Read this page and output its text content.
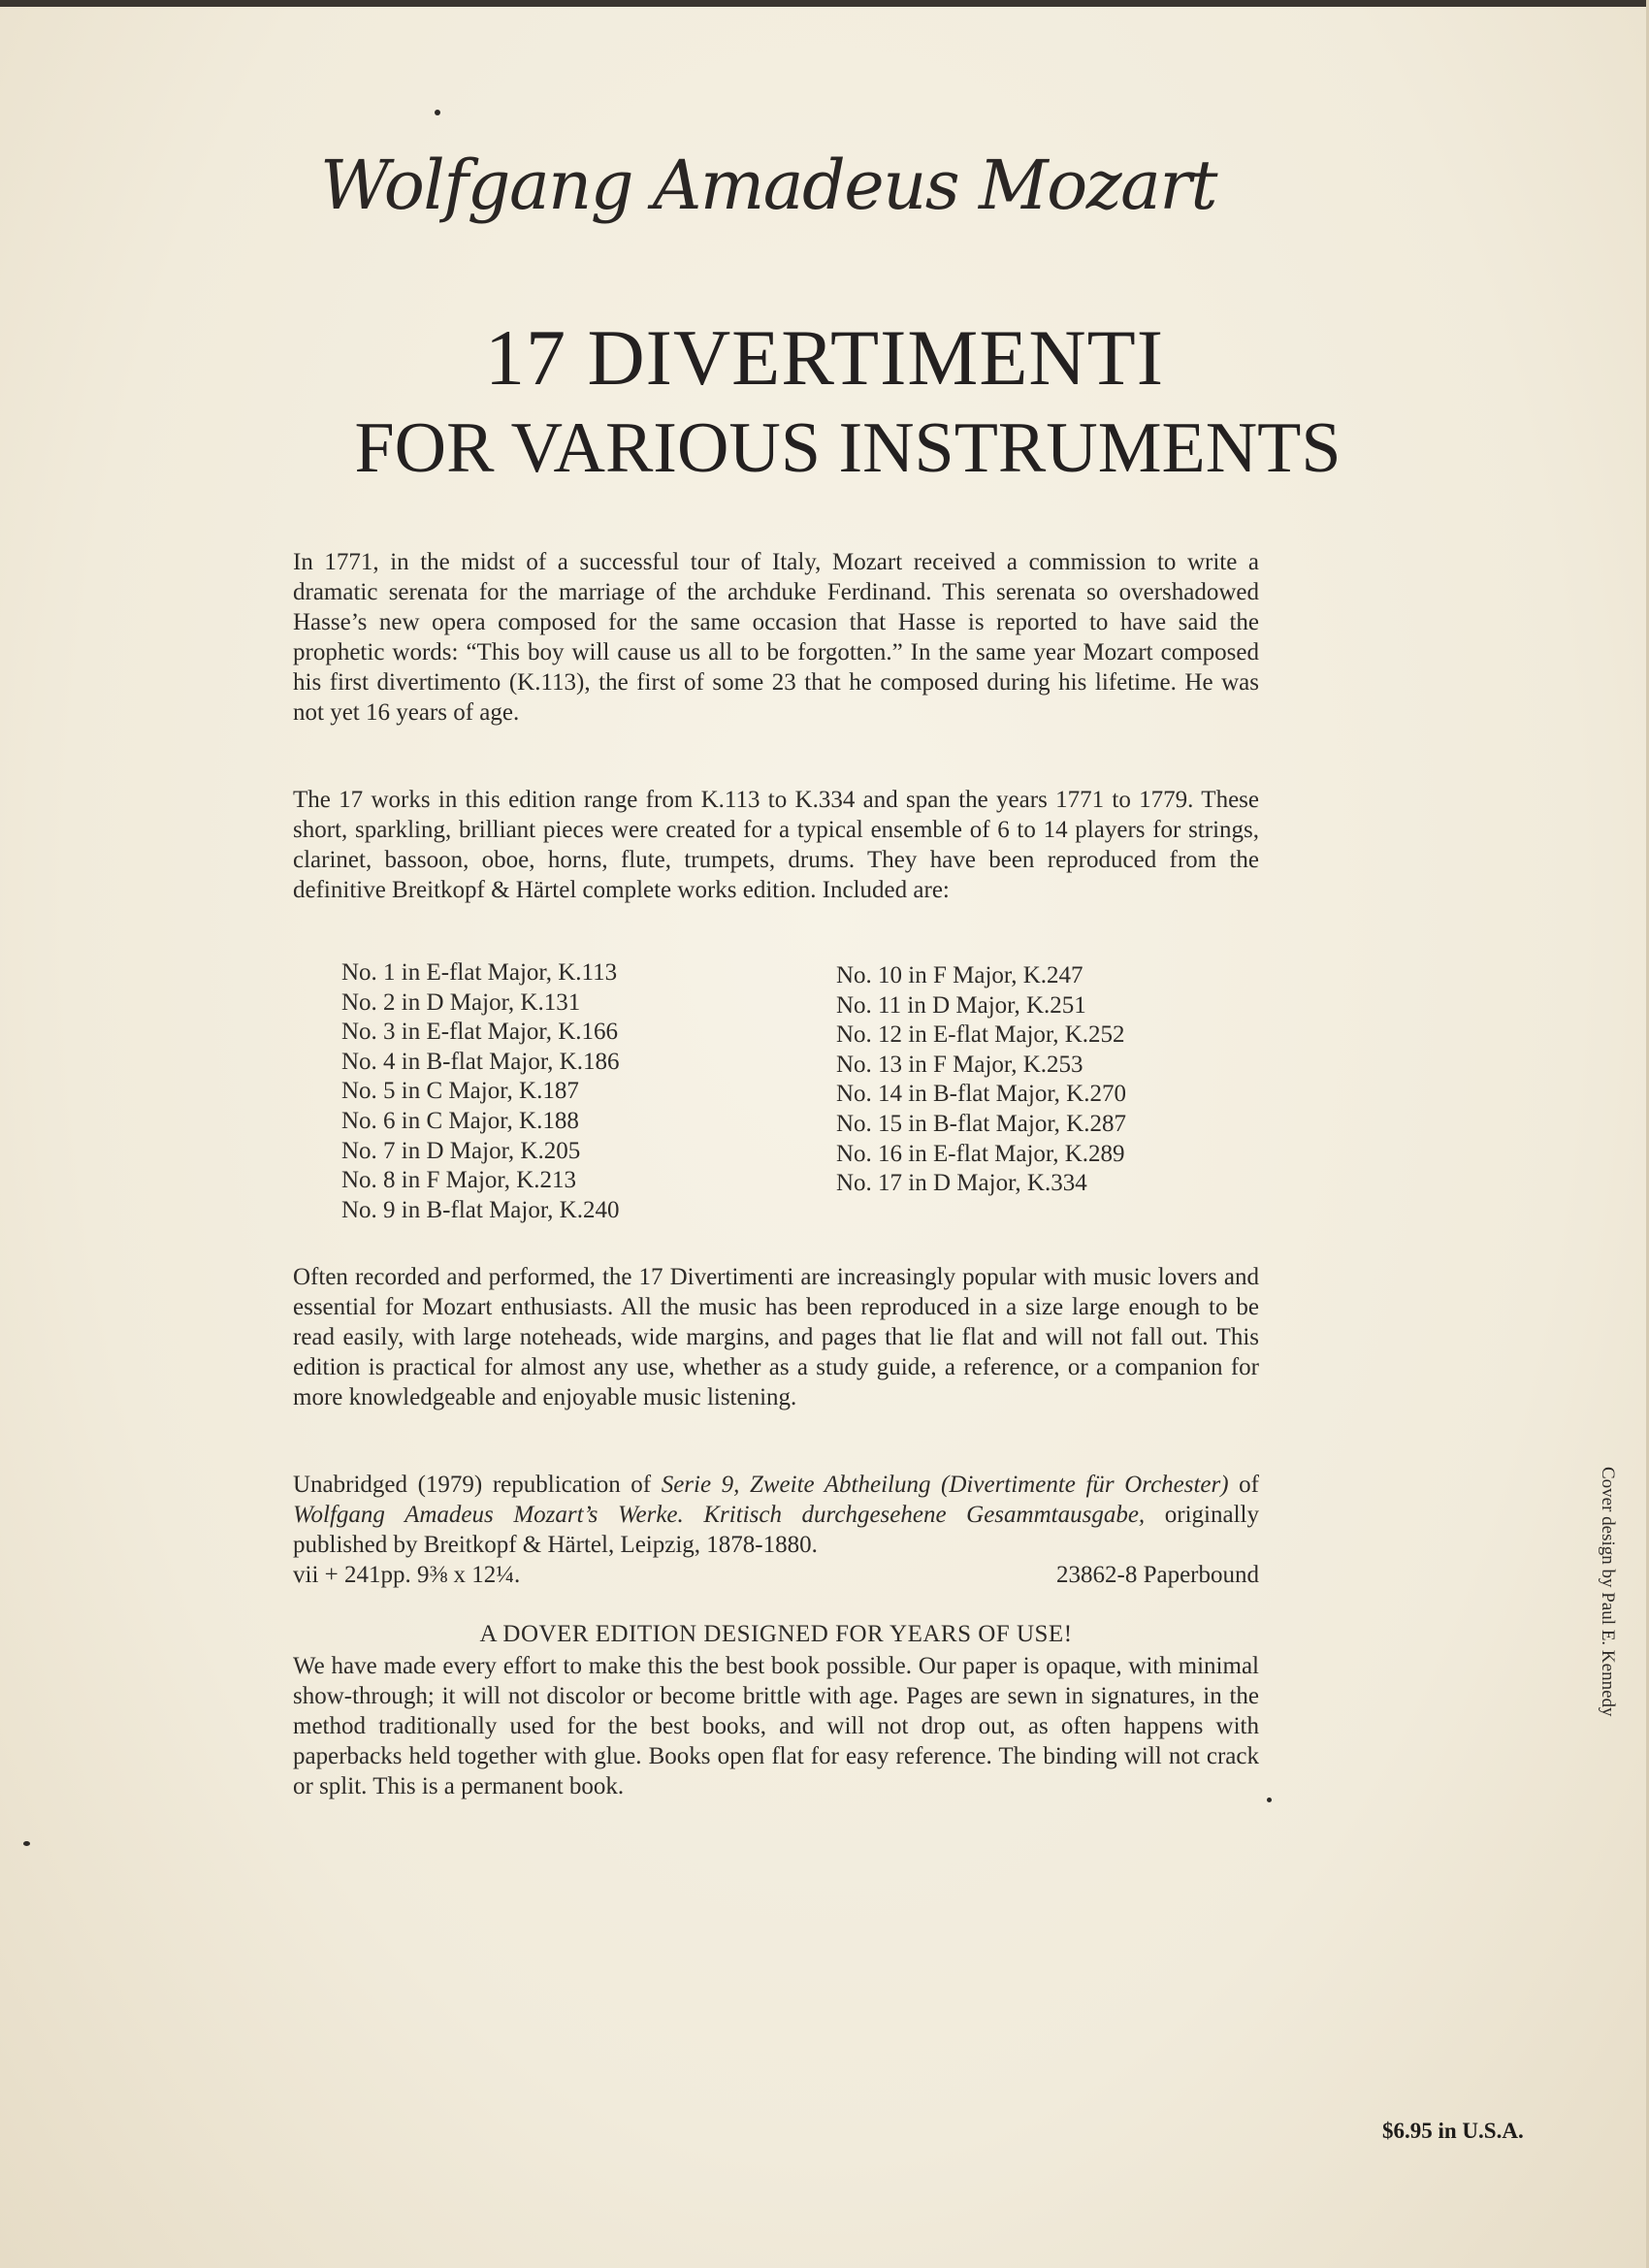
Wolfgang Amadeus Mozart
17 DIVERTIMENTI
FOR VARIOUS INSTRUMENTS
In 1771, in the midst of a successful tour of Italy, Mozart received a commission to write a dramatic serenata for the marriage of the archduke Ferdinand. This serenata so overshadowed Hasse’s new opera composed for the same occasion that Hasse is reported to have said the prophetic words: “This boy will cause us all to be forgotten.” In the same year Mozart composed his first divertimento (K.113), the first of some 23 that he composed during his lifetime. He was not yet 16 years of age.
The 17 works in this edition range from K.113 to K.334 and span the years 1771 to 1779. These short, sparkling, brilliant pieces were created for a typical ensemble of 6 to 14 players for strings, clarinet, bassoon, oboe, horns, flute, trumpets, drums. They have been reproduced from the definitive Breitkopf & Härtel complete works edition. Included are:
No. 1 in E-flat Major, K.113
No. 2 in D Major, K.131
No. 3 in E-flat Major, K.166
No. 4 in B-flat Major, K.186
No. 5 in C Major, K.187
No. 6 in C Major, K.188
No. 7 in D Major, K.205
No. 8 in F Major, K.213
No. 9 in B-flat Major, K.240
No. 10 in F Major, K.247
No. 11 in D Major, K.251
No. 12 in E-flat Major, K.252
No. 13 in F Major, K.253
No. 14 in B-flat Major, K.270
No. 15 in B-flat Major, K.287
No. 16 in E-flat Major, K.289
No. 17 in D Major, K.334
Often recorded and performed, the 17 Divertimenti are increasingly popular with music lovers and essential for Mozart enthusiasts. All the music has been reproduced in a size large enough to be read easily, with large noteheads, wide margins, and pages that lie flat and will not fall out. This edition is practical for almost any use, whether as a study guide, a reference, or a companion for more knowledgeable and enjoyable music listening.
Unabridged (1979) republication of Serie 9, Zweite Abtheilung (Divertimente für Orchester) of Wolfgang Amadeus Mozart’s Werke. Kritisch durchgesehene Gesammtausgabe, originally published by Breitkopf & Härtel, Leipzig, 1878-1880.
vii + 241pp. 9⅜ x 12¼.	23862-8 Paperbound
A DOVER EDITION DESIGNED FOR YEARS OF USE!
We have made every effort to make this the best book possible. Our paper is opaque, with minimal show-through; it will not discolor or become brittle with age. Pages are sewn in signatures, in the method traditionally used for the best books, and will not drop out, as often happens with paperbacks held together with glue. Books open flat for easy reference. The binding will not crack or split. This is a permanent book.
Cover design by Paul E. Kennedy
$6.95 in U.S.A.
